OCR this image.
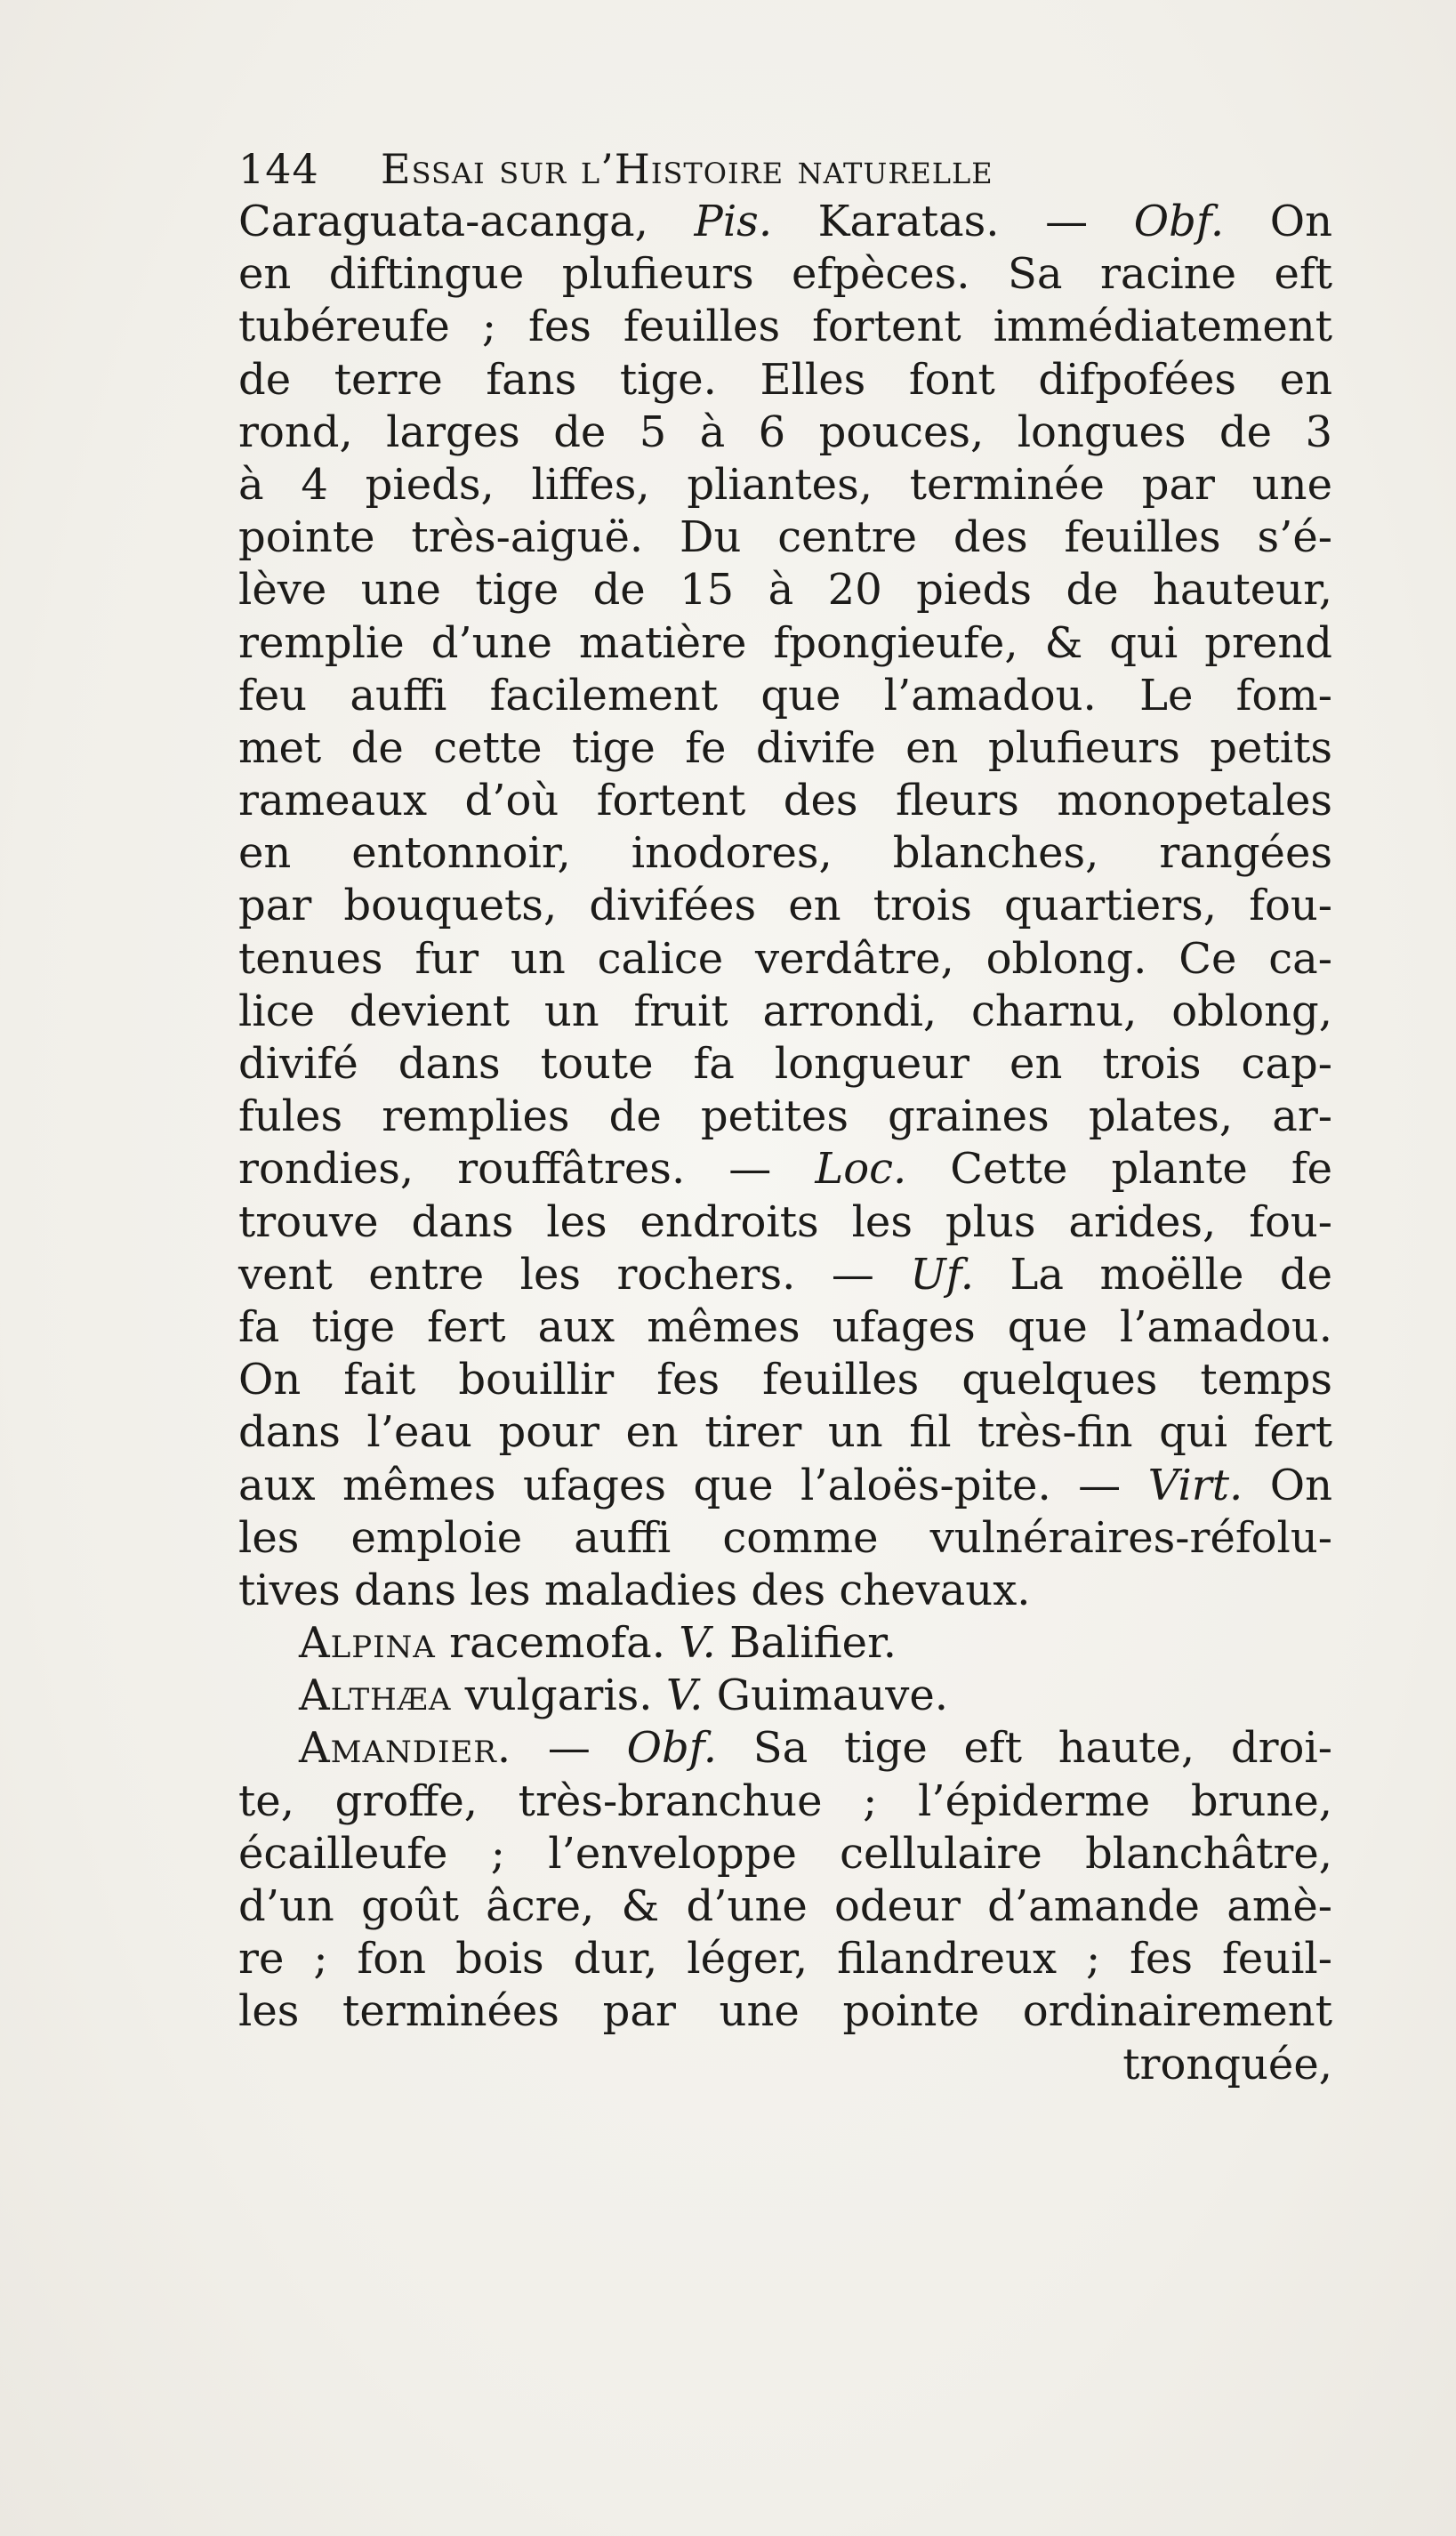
144 Essai sur l’Histoire naturelle
Caraguata-acanga, Pis. Karatas. — Obf. On
en diftingue plufieurs efpèces. Sa racine eft
tubéreufe ; fes feuilles fortent immédiatement
de terre fans tige. Elles font difpofées en
rond, larges de 5 à 6 pouces, longues de 3
à 4 pieds, liffes, pliantes, terminée par une
pointe très-aiguë. Du centre des feuilles s’é-
lève une tige de 15 à 20 pieds de hauteur,
remplie d’une matière fpongieufe, & qui prend
feu auffi facilement que l’amadou. Le fom-
met de cette tige fe divife en plufieurs petits
rameaux d’où fortent des fleurs monopetales
en entonnoir, inodores, blanches, rangées
par bouquets, divifées en trois quartiers, fou-
tenues fur un calice verdâtre, oblong. Ce ca-
lice devient un fruit arrondi, charnu, oblong,
divifé dans toute fa longueur en trois cap-
fules remplies de petites graines plates, ar-
rondies, rouffâtres. — Loc. Cette plante fe
trouve dans les endroits les plus arides, fou-
vent entre les rochers. — Uf. La moëlle de
fa tige fert aux mêmes ufages que l’amadou.
On fait bouillir fes feuilles quelques temps
dans l’eau pour en tirer un fil très-fin qui fert
aux mêmes ufages que l’aloës-pite. — Virt. On
les emploie auffi comme vulnéraires-réfolu-
tives dans les maladies des chevaux.
Alpina racemofa. V. Balifier.
Althæa vulgaris. V. Guimauve.
Amandier. — Obf. Sa tige eft haute, droi-
te, groffe, très-branchue ; l’épiderme brune,
écailleufe ; l’enveloppe cellulaire blanchâtre,
d’un goût âcre, & d’une odeur d’amande amè-
re ; fon bois dur, léger, filandreux ; fes feuil-
les terminées par une pointe ordinairement
tronquée,
